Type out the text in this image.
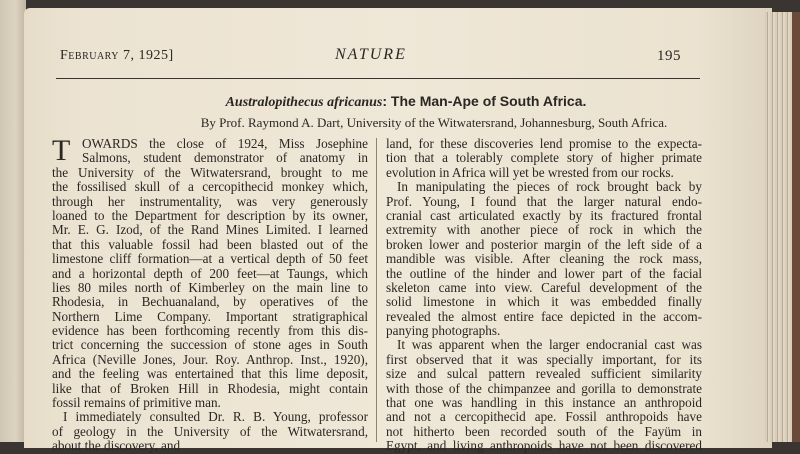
February 7, 1925]	NATURE	195
Australopithecus africanus: The Man-Ape of South Africa.
By Prof. Raymond A. Dart, University of the Witwatersrand, Johannesburg, South Africa.
T OWARDS the close of 1924, Miss Josephine
Salmons, student demonstrator of anatomy in
the University of the Witwatersrand, brought to me
the fossilised skull of a cercopithecid monkey which,
through her instrumentality, was very generously
loaned to the Department for description by its owner,
Mr. E. G. Izod, of the Rand Mines Limited. I learned
that this valuable fossil had been blasted out of the
limestone cliff formation—at a vertical depth of 50 feet
and a horizontal depth of 200 feet—at Taungs, which
lies 80 miles north of Kimberley on the main line to
Rhodesia, in Bechuanaland, by operatives of the
Northern Lime Company. Important stratigraphical
evidence has been forthcoming recently from this dis-
trict concerning the succession of stone ages in South
Africa (Neville Jones, Jour. Roy. Anthrop. Inst., 1920),
and the feeling was entertained that this lime deposit,
like that of Broken Hill in Rhodesia, might contain
fossil remains of primitive man.
I immediately consulted Dr. R. B. Young, professor
of geology in the University of the Witwatersrand,
about the discovery, and
land, for these discoveries lend promise to the expecta-
tion that a tolerably complete story of higher primate
evolution in Africa will yet be wrested from our rocks.
In manipulating the pieces of rock brought back by
Prof. Young, I found that the larger natural endo-
cranial cast articulated exactly by its fractured frontal
extremity with another piece of rock in which the
broken lower and posterior margin of the left side of a
mandible was visible. After cleaning the rock mass,
the outline of the hinder and lower part of the facial
skeleton came into view. Careful development of the
solid limestone in which it was embedded finally
revealed the almost entire face depicted in the accom-
panying photographs.
It was apparent when the larger endocranial cast was
first observed that it was specially important, for its
size and sulcal pattern revealed sufficient similarity
with those of the chimpanzee and gorilla to demonstrate
that one was handling in this instance an anthropoid
and not a cercopithecid ape. Fossil anthropoids have
not hitherto been recorded south of the Fayüm in
Egypt, and living anthropoids have not been discovered
